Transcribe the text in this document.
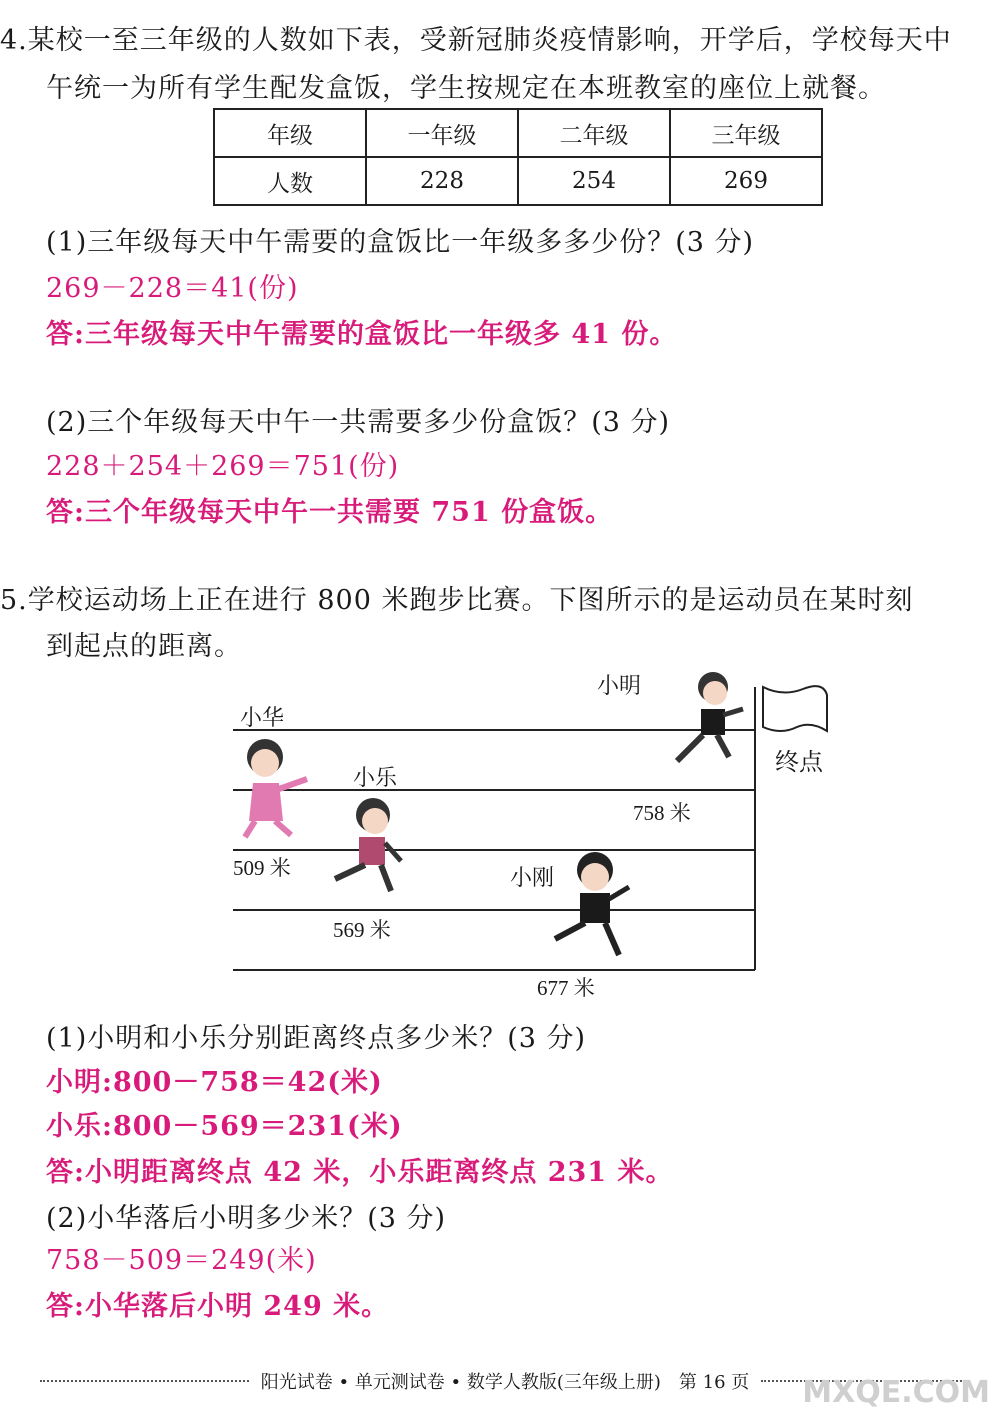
4.某校一至三年级的人数如下表，受新冠肺炎疫情影响，开学后，学校每天中
午统一为所有学生配发盒饭，学生按规定在本班教室的座位上就餐。
年级	一年级	二年级	三年级
人数	228	254	269
(1)三年级每天中午需要的盒饭比一年级多多少份？(3 分)
269－228＝41(份)
答:三年级每天中午需要的盒饭比一年级多 41 份。
(2)三个年级每天中午一共需要多少份盒饭？(3 分)
228＋254＋269＝751(份)
答:三个年级每天中午一共需要 751 份盒饭。
5.学校运动场上正在进行 800 米跑步比赛。下图所示的是运动员在某时刻
到起点的距离。
终点
小华
509 米
小乐
569 米
小刚
677 米
小明
758 米
(1)小明和小乐分别距离终点多少米？(3 分)
小明:800－758＝42(米)
小乐:800－569＝231(米)
答:小明距离终点 42 米，小乐距离终点 231 米。
(2)小华落后小明多少米？(3 分)
758－509＝249(米)
答:小华落后小明 249 米。
阳光试卷 • 单元测试卷 • 数学人教版(三年级上册)　第 16 页	MXQE.COM
